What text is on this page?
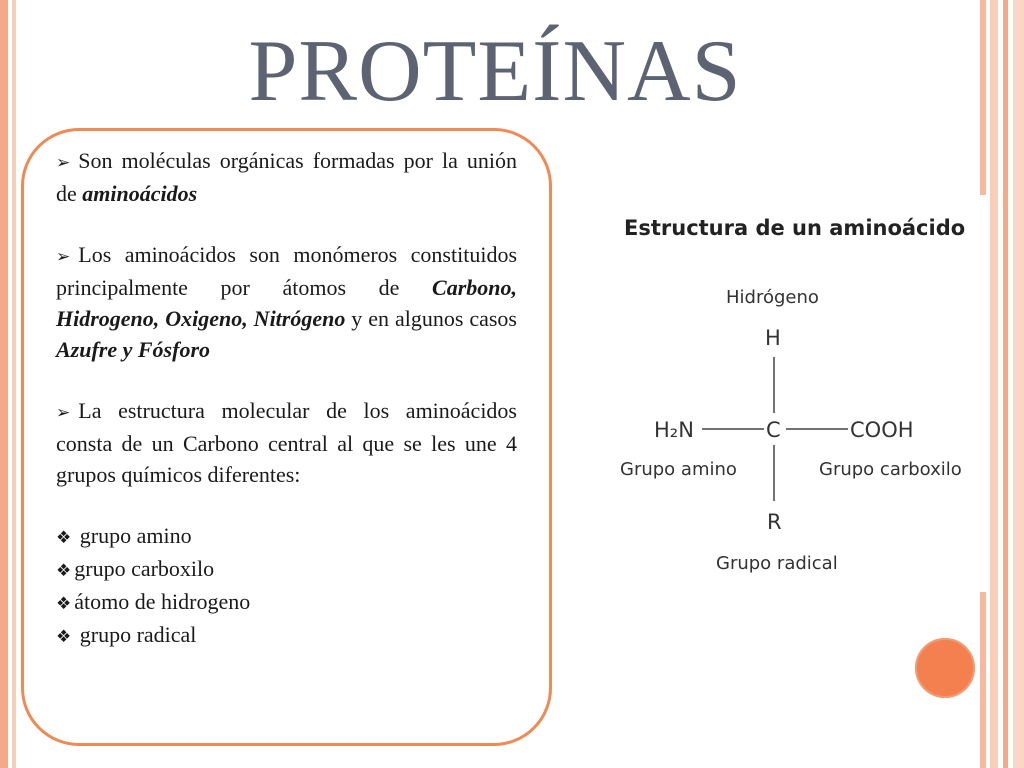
PROTEÍNAS

➢ Son moléculas orgánicas formadas por la unión de aminoácidos

➢ Los aminoácidos son monómeros constituidos principalmente por átomos de Carbono, Hidrogeno, Oxigeno, Nitrógeno y en algunos casos Azufre y Fósforo

➢ La estructura molecular de los aminoácidos consta de un Carbono central al que se les une 4 grupos químicos diferentes:

❖ grupo amino
❖ grupo carboxilo
❖ átomo de hidrogeno
❖ grupo radical
Estructura de un aminoácido
Hidrógeno
H
H₂N	C	COOH
Grupo amino	Grupo carboxilo
R
Grupo radical
